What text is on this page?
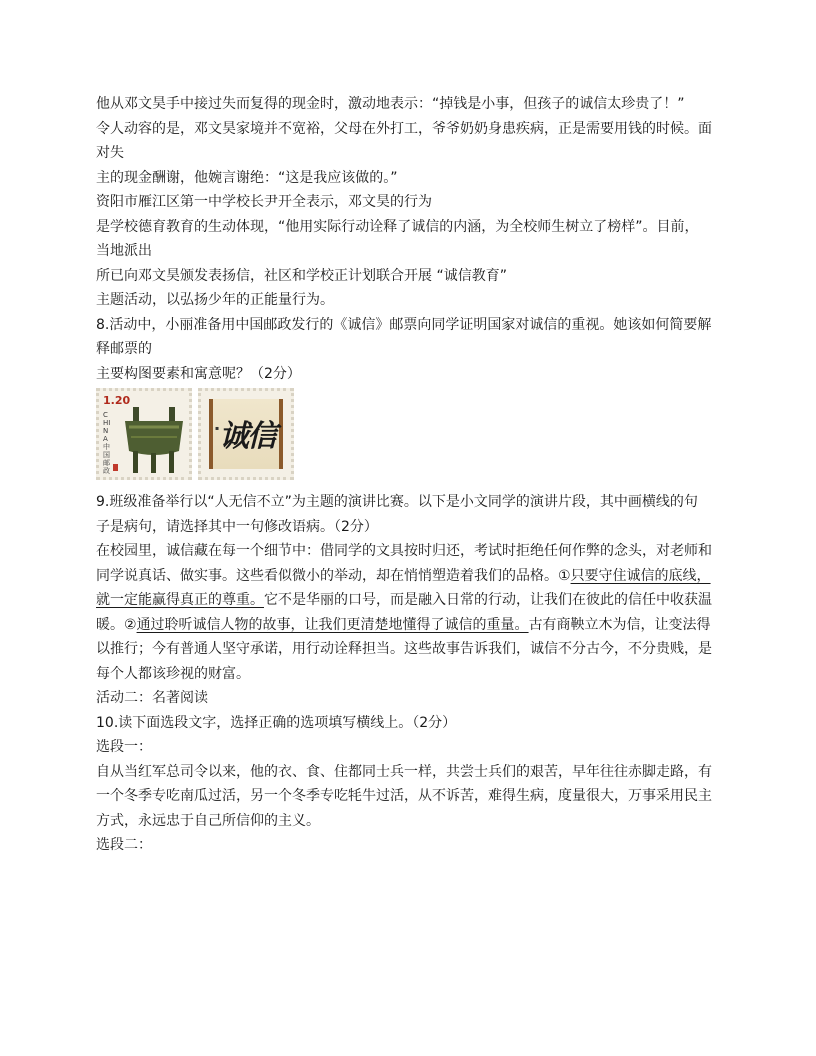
他从邓文昊手中接过失而复得的现金时，激动地表示：“掉钱是小事，但孩子的诚信太珍贵了！”
令人动容的是，邓文昊家境并不宽裕，父母在外打工，爷爷奶奶身患疾病，正是需要用钱的时候。面
对失
主的现金酬谢，他婉言谢绝：“这是我应该做的。”
资阳市雁江区第一中学校长尹开全表示，邓文昊的行为
是学校德育教育的生动体现，“他用实际行动诠释了诚信的内涵，为全校师生树立了榜样”。目前，
当地派出
所已向邓文昊颁发表扬信，社区和学校正计划联合开展 “诚信教育”
主题活动，以弘扬少年的正能量行为。
8.活动中，小丽准备用中国邮政发行的《诚信》邮票向同学证明国家对诚信的重视。她该如何简要解
释邮票的
主要构图要素和寓意呢？（2分）
1.20
CHINA 中国邮政
▪ 诚信
9.班级准备举行以“人无信不立”为主题的演讲比赛。以下是小文同学的演讲片段，其中画横线的句
子是病句，请选择其中一句修改语病。（2分）
在校园里，诚信藏在每一个细节中：借同学的文具按时归还，考试时拒绝任何作弊的念头，对老师和同学说真话、做实事。这些看似微小的举动，却在悄悄塑造着我们的品格。①只要守住诚信的底线，就一定能赢得真正的尊重。它不是华丽的口号，而是融入日常的行动，让我们在彼此的信任中收获温暖。②通过聆听诚信人物的故事，让我们更清楚地懂得了诚信的重量。古有商鞅立木为信，让变法得以推行；今有普通人坚守承诺，用行动诠释担当。这些故事告诉我们，诚信不分古今，不分贵贱，是每个人都该珍视的财富。
活动二：名著阅读
10.读下面选段文字，选择正确的选项填写横线上。（2分）
选段一：
自从当红军总司令以来，他的衣、食、住都同士兵一样，共尝士兵们的艰苦，早年往往赤脚走路，有一个冬季专吃南瓜过活，另一个冬季专吃牦牛过活，从不诉苦，难得生病，度量很大，万事采用民主方式，永远忠于自己所信仰的主义。
选段二：
